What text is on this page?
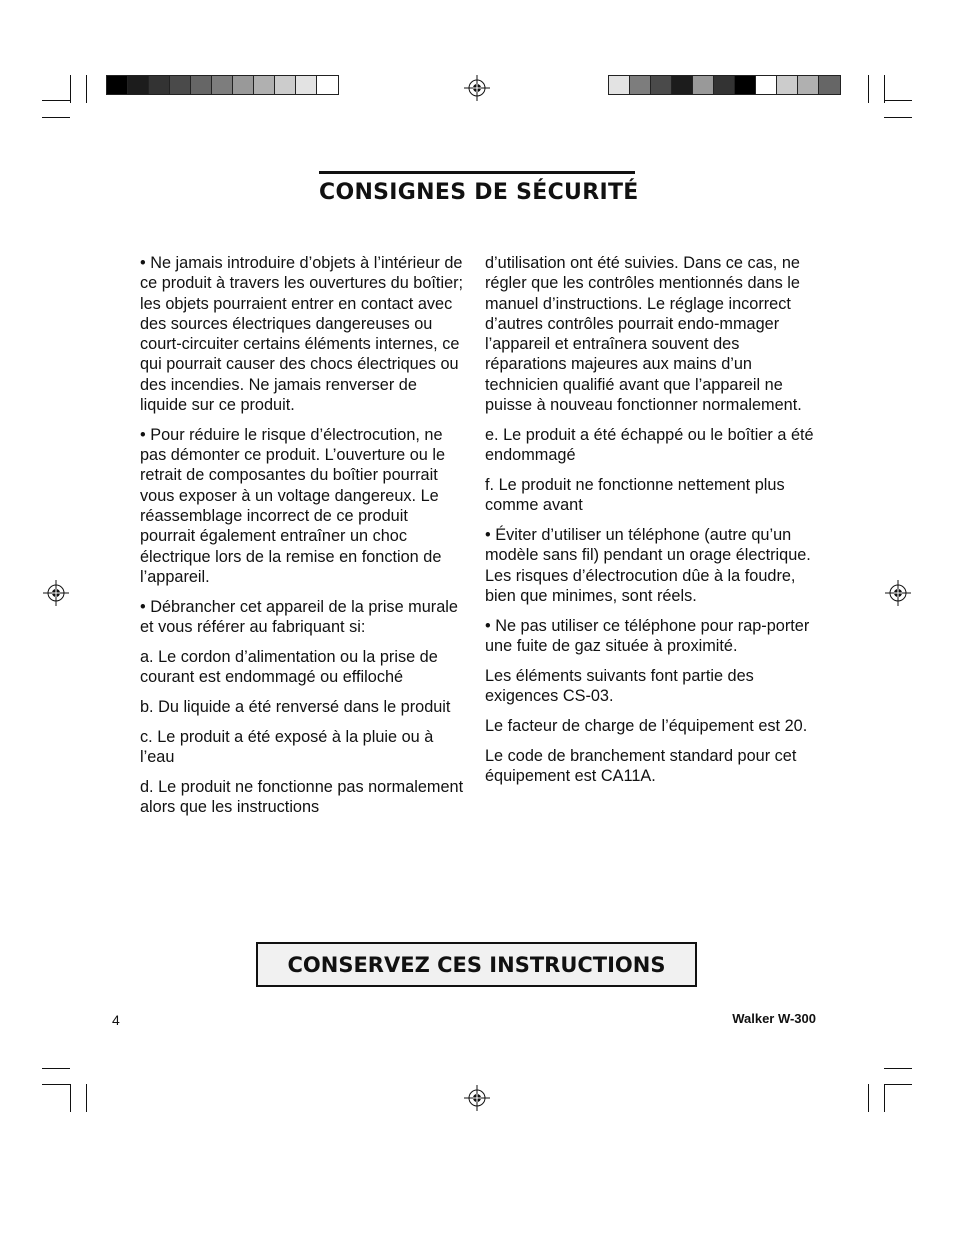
CONSIGNES DE SÉCURITÉ

• Ne jamais introduire d’objets à l’intérieur de ce produit à travers les ouvertures du boîtier; les objets pourraient entrer en contact avec des sources électriques dangereuses ou court-circuiter certains éléments internes, ce qui pourrait causer des chocs électriques ou des incendies. Ne jamais renverser de liquide sur ce produit.

• Pour réduire le risque d’électrocution, ne pas démonter ce produit. L’ouverture ou le retrait de composantes du boîtier pourrait vous exposer à un voltage dangereux. Le réassemblage incorrect de ce produit pourrait également entraîner un choc électrique lors de la remise en fonction de l’appareil.

• Débrancher cet appareil de la prise murale et vous référer au fabriquant si:

a. Le cordon d’alimentation ou la prise de courant est endommagé ou effiloché

b. Du liquide a été renversé dans le produit

c. Le produit a été exposé à la pluie ou à l’eau

d. Le produit ne fonctionne pas normalement alors que les instructions

d’utilisation ont été suivies. Dans ce cas, ne régler que les contrôles mentionnés dans le manuel d’instructions. Le réglage incorrect d’autres contrôles pourrait endo-mmager l’appareil et entraînera souvent des réparations majeures aux mains d’un technicien qualifié avant que l’appareil ne puisse à nouveau fonctionner normalement.

e. Le produit a été échappé ou le boîtier a été endommagé

f. Le produit ne fonctionne nettement plus comme avant

• Éviter d’utiliser un téléphone (autre qu’un modèle sans fil) pendant un orage électrique. Les risques d’électrocution dûe à la foudre, bien que minimes, sont réels.

• Ne pas utiliser ce téléphone pour rap-porter une fuite de gaz située à proximité.

Les éléments suivants font partie des exigences CS-03.

Le facteur de charge de l’équipement est 20.

Le code de branchement standard pour cet équipement est CA11A.

CONSERVEZ CES INSTRUCTIONS
4	Walker W-300
